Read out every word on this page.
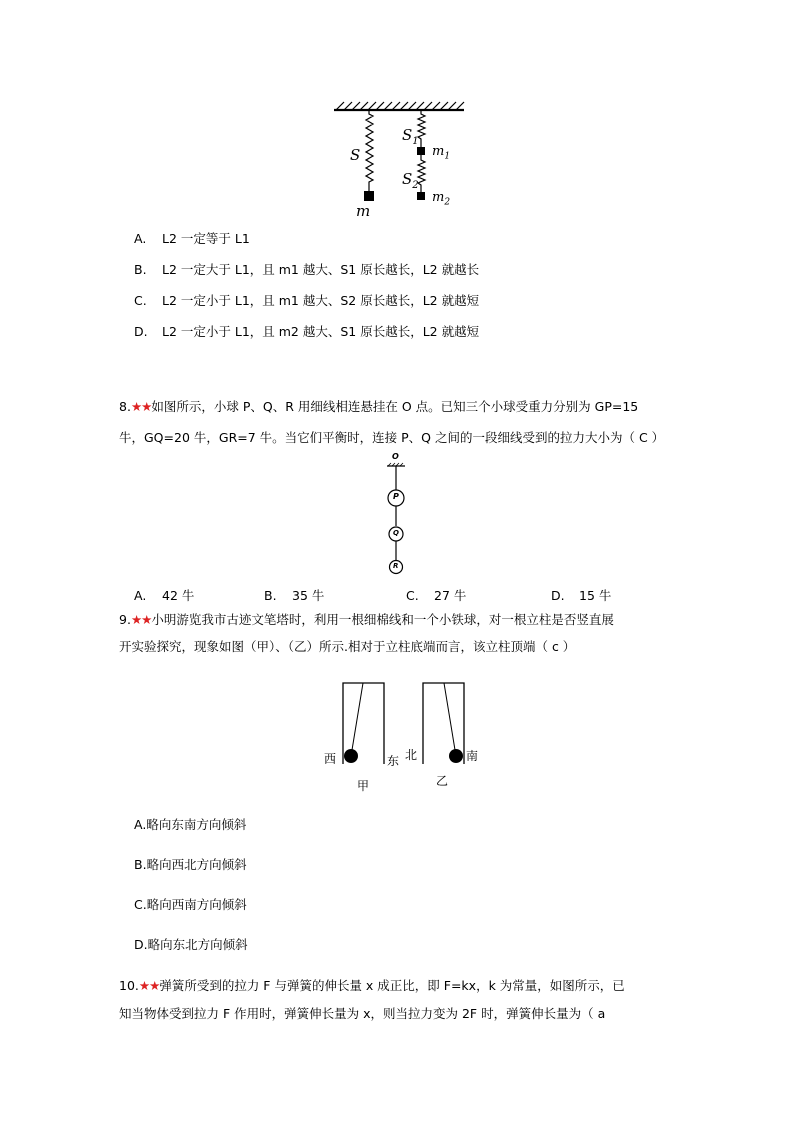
S
$S_1$
$S_2$
m
$m_1$
$m_2$
A. L2 一定等于 L1
B. L2 一定大于 L1，且 m1 越大、S1 原长越长，L2 就越长
C. L2 一定小于 L1，且 m1 越大、S2 原长越长，L2 就越短
D. L2 一定小于 L1，且 m2 越大、S1 原长越长，L2 就越短
8.★★如图所示，小球 P、Q、R 用细线相连悬挂在 O 点。已知三个小球受重力分别为 GP=15
牛，GQ=20 牛，GR=7 牛。当它们平衡时，连接 P、Q 之间的一段细线受到的拉力大小为（ C ）
O
P
Q
R
A. 42 牛	B. 35 牛	C. 27 牛	D. 15 牛
9.★★小明游览我市古迹文笔塔时，利用一根细棉线和一个小铁球，对一根立柱是否竖直展
开实验探究，现象如图（甲）、（乙）所示.相对于立柱底端而言，该立柱顶端（ c ）
西	东 北	南
甲	乙
A.略向东南方向倾斜
B.略向西北方向倾斜
C.略向西南方向倾斜
D.略向东北方向倾斜
10.★★弹簧所受到的拉力 F 与弹簧的伸长量 x 成正比，即 F=kx，k 为常量，如图所示，已
知当物体受到拉力 F 作用时，弹簧伸长量为 x，则当拉力变为 2F 时，弹簧伸长量为（ a
